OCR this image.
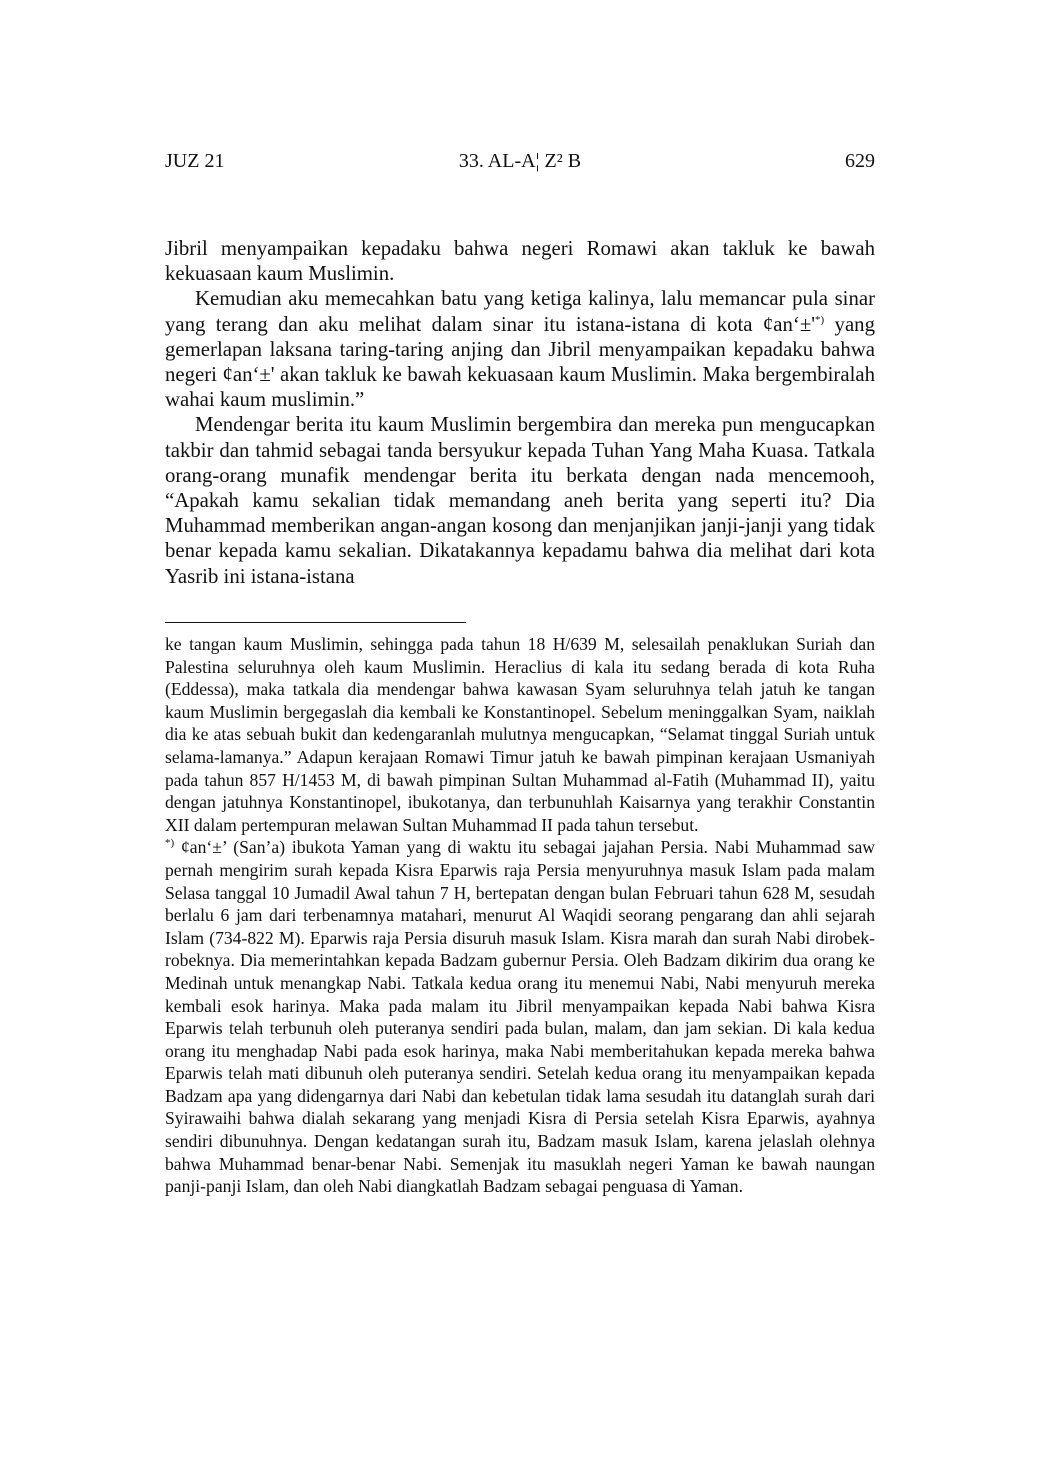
JUZ 21	33. AL-A¦ Z² B	629

Jibril menyampaikan kepadaku bahwa negeri Romawi akan takluk ke bawah kekuasaan kaum Muslimin.

Kemudian aku memecahkan batu yang ketiga kalinya, lalu memancar pula sinar yang terang dan aku melihat dalam sinar itu istana-istana di kota ¢an‘±'*) yang gemerlapan laksana taring-taring anjing dan Jibril menyampaikan kepadaku bahwa negeri ¢an‘±' akan takluk ke bawah kekuasaan kaum Muslimin. Maka bergembiralah wahai kaum muslimin.”

Mendengar berita itu kaum Muslimin bergembira dan mereka pun mengucapkan takbir dan tahmid sebagai tanda bersyukur kepada Tuhan Yang Maha Kuasa. Tatkala orang-orang munafik mendengar berita itu berkata dengan nada mencemooh, “Apakah kamu sekalian tidak memandang aneh berita yang seperti itu? Dia Muhammad memberikan angan-angan kosong dan menjanjikan janji-janji yang tidak benar kepada kamu sekalian. Dikatakannya kepadamu bahwa dia melihat dari kota Yasrib ini istana-istana

ke tangan kaum Muslimin, sehingga pada tahun 18 H/639 M, selesailah penaklukan Suriah dan Palestina seluruhnya oleh kaum Muslimin. Heraclius di kala itu sedang berada di kota Ruha (Eddessa), maka tatkala dia mendengar bahwa kawasan Syam seluruhnya telah jatuh ke tangan kaum Muslimin bergegaslah dia kembali ke Konstantinopel. Sebelum meninggalkan Syam, naiklah dia ke atas sebuah bukit dan kedengaranlah mulutnya mengucapkan, “Selamat tinggal Suriah untuk selama-lamanya.” Adapun kerajaan Romawi Timur jatuh ke bawah pimpinan kerajaan Usmaniyah pada tahun 857 H/1453 M, di bawah pimpinan Sultan Muhammad al-Fatih (Muhammad II), yaitu dengan jatuhnya Konstantinopel, ibukotanya, dan terbunuhlah Kaisarnya yang terakhir Constantin XII dalam pertempuran melawan Sultan Muhammad II pada tahun tersebut.

*) ¢an‘±’ (San’a) ibukota Yaman yang di waktu itu sebagai jajahan Persia. Nabi Muhammad saw pernah mengirim surah kepada Kisra Eparwis raja Persia menyuruhnya masuk Islam pada malam Selasa tanggal 10 Jumadil Awal tahun 7 H, bertepatan dengan bulan Februari tahun 628 M, sesudah berlalu 6 jam dari terbenamnya matahari, menurut Al Waqidi seorang pengarang dan ahli sejarah Islam (734-822 M). Eparwis raja Persia disuruh masuk Islam. Kisra marah dan surah Nabi dirobek-robeknya. Dia memerintahkan kepada Badzam gubernur Persia. Oleh Badzam dikirim dua orang ke Medinah untuk menangkap Nabi. Tatkala kedua orang itu menemui Nabi, Nabi menyuruh mereka kembali esok harinya. Maka pada malam itu Jibril menyampaikan kepada Nabi bahwa Kisra Eparwis telah terbunuh oleh puteranya sendiri pada bulan, malam, dan jam sekian. Di kala kedua orang itu menghadap Nabi pada esok harinya, maka Nabi memberitahukan kepada mereka bahwa Eparwis telah mati dibunuh oleh puteranya sendiri. Setelah kedua orang itu menyampaikan kepada Badzam apa yang didengarnya dari Nabi dan kebetulan tidak lama sesudah itu datanglah surah dari Syirawaihi bahwa dialah sekarang yang menjadi Kisra di Persia setelah Kisra Eparwis, ayahnya sendiri dibunuhnya. Dengan kedatangan surah itu, Badzam masuk Islam, karena jelaslah olehnya bahwa Muhammad benar-benar Nabi. Semenjak itu masuklah negeri Yaman ke bawah naungan panji-panji Islam, dan oleh Nabi diangkatlah Badzam sebagai penguasa di Yaman.
